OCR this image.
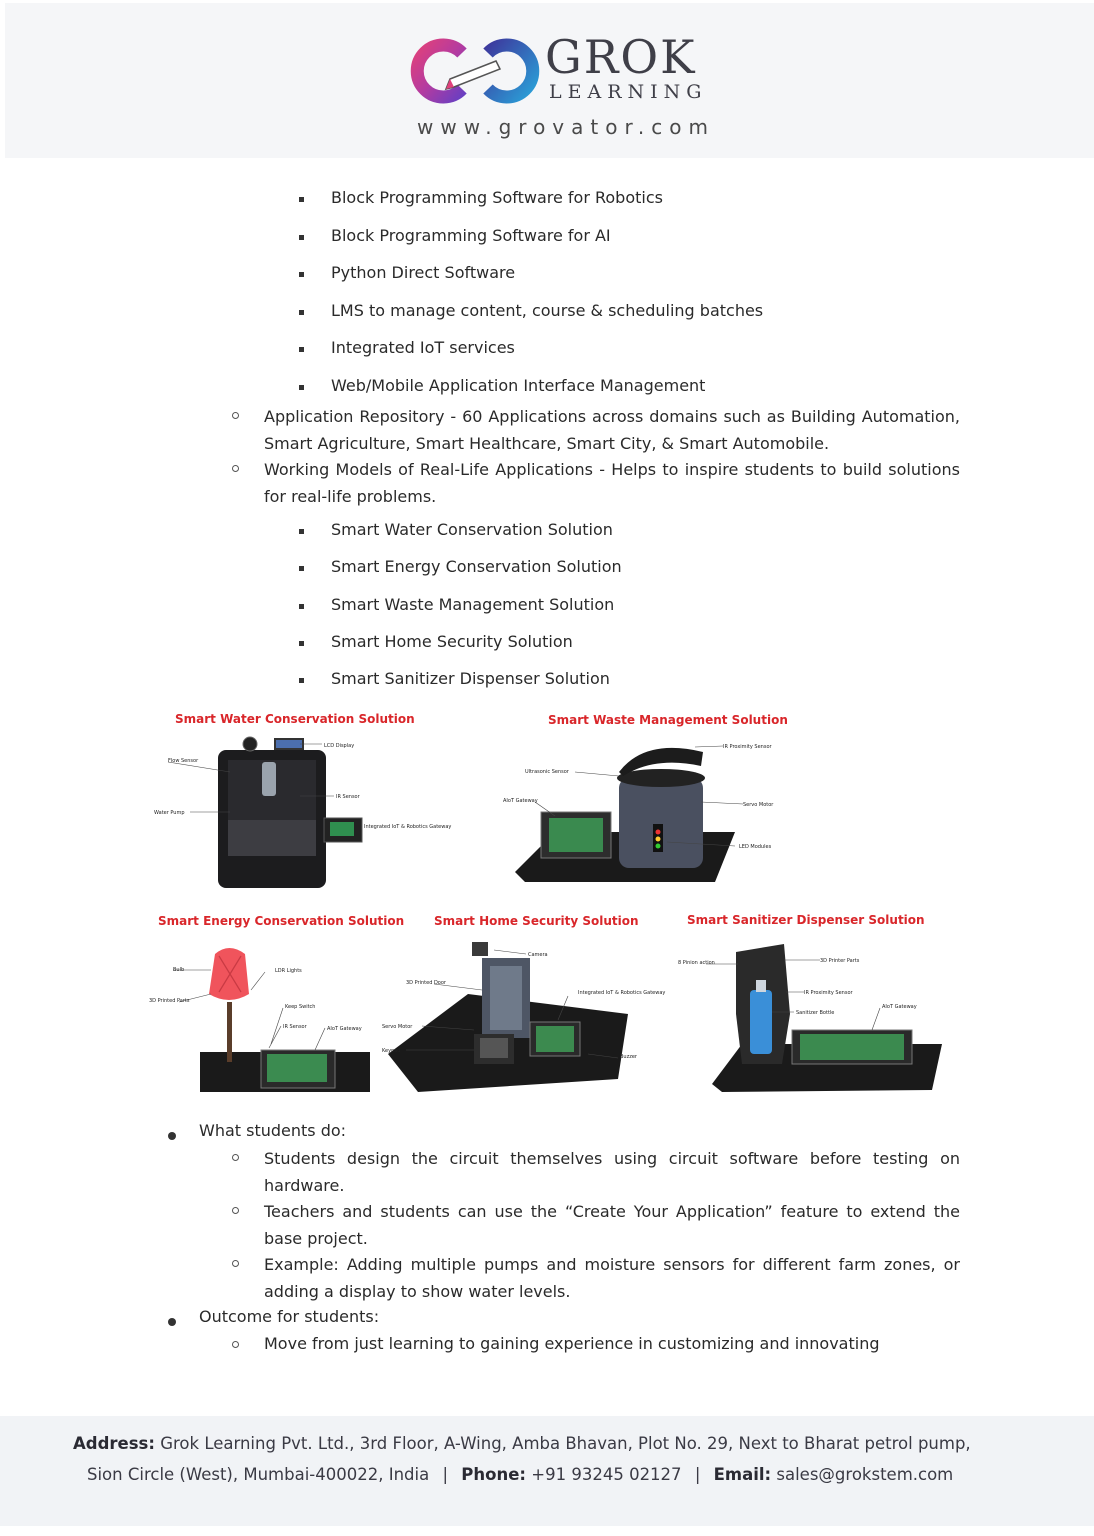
GROK
LEARNING
www.grovator.com
Block Programming Software for Robotics
Block Programming Software for AI
Python Direct Software
LMS to manage content, course & scheduling batches
Integrated IoT services
Web/Mobile Application Interface Management
Application Repository - 60 Applications across domains such as Building Automation, Smart Agriculture, Smart Healthcare, Smart City, & Smart Automobile.
Working Models of Real-Life Applications - Helps to inspire students to build solutions for real-life problems.
Smart Water Conservation Solution
Smart Energy Conservation Solution
Smart Waste Management Solution
Smart Home Security Solution
Smart Sanitizer Dispenser Solution
Smart Water Conservation Solution
LCD Display
Flow Sensor
IR Sensor
Water Pump
Integrated IoT & Robotics Gateway
Smart Waste Management Solution
IR Proximity Sensor
Ultrasonic Sensor
AIoT Gateway
Servo Motor
LED Modules
Smart Energy Conservation Solution
Bulb	LDR Lights
3D Printed Parts
Keep Switch
IR Sensor	AIoT Gateway
Smart Home Security Solution
Camera
3D Printed Door
Integrated IoT & Robotics Gateway
Servo Motor
Keypad
Buzzer
Smart Sanitizer Dispenser Solution
8 Pinion action	3D Printer Parts
IR Proximity Sensor
AIoT Gateway
Sanitizer Bottle
What students do:
Students design the circuit themselves using circuit software before testing on hardware.
Teachers and students can use the “Create Your Application” feature to extend the base project.
Example: Adding multiple pumps and moisture sensors for different farm zones, or adding a display to show water levels.
Outcome for students:
Move from just learning to gaining experience in customizing and innovating
Address: Grok Learning Pvt. Ltd., 3rd Floor, A-Wing, Amba Bhavan, Plot No. 29, Next to Bharat petrol pump,
Sion Circle (West), Mumbai-400022, India | Phone: +91 93245 02127 | Email: sales@grokstem.com
